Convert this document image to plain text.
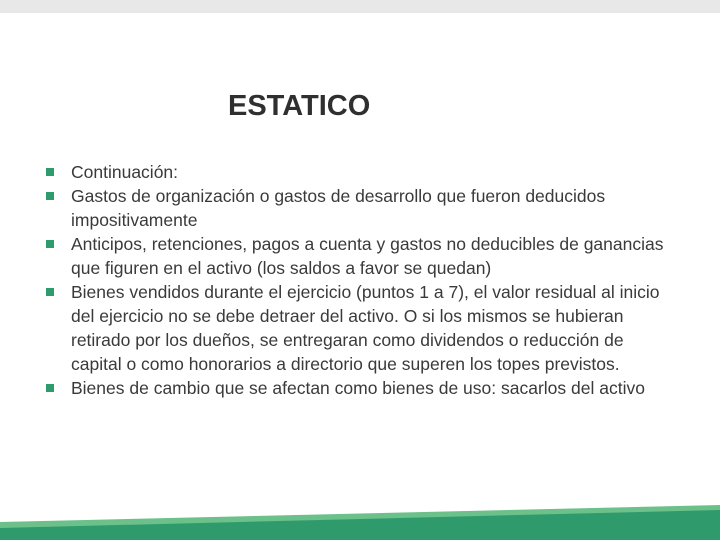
ESTATICO
Continuación:
Gastos de organización o gastos de desarrollo que fueron deducidos impositivamente
Anticipos, retenciones, pagos a cuenta y gastos no deducibles de ganancias que figuren en el activo (los saldos a favor se quedan)
Bienes vendidos durante el ejercicio (puntos 1 a 7), el valor residual al inicio del ejercicio no se debe detraer del activo. O si los mismos se hubieran retirado por los dueños, se entregaran como dividendos o reducción de capital o como honorarios a directorio que superen los topes previstos.
Bienes de cambio que se afectan como bienes de uso: sacarlos del activo
